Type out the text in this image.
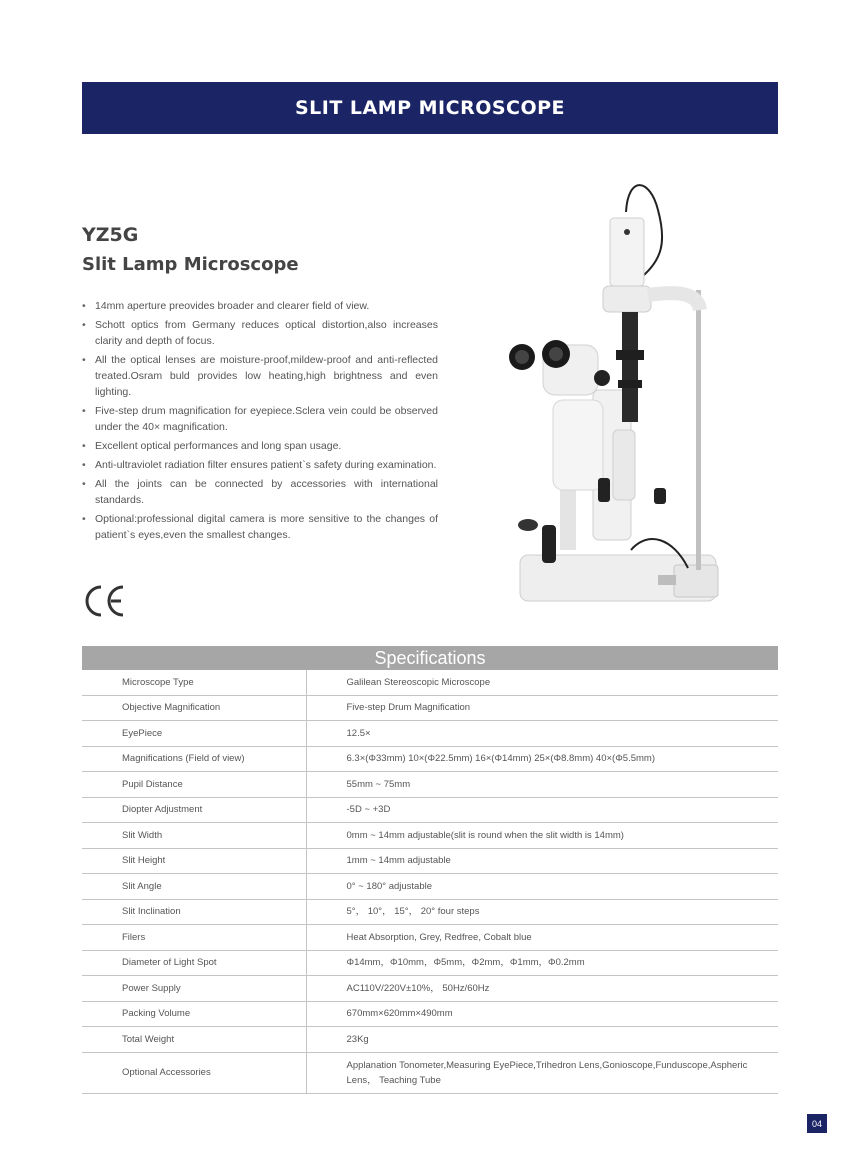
SLIT LAMP MICROSCOPE
YZ5G
Slit Lamp Microscope
• 14mm aperture preovides broader and clearer field of view.
• Schott optics from Germany reduces optical distortion,also increases clarity and depth of focus.
• All the optical lenses are moisture-proof,mildew-proof and anti-reflected treated.Osram buld provides low heating,high brightness and even lighting.
• Five-step drum magnification for eyepiece.Sclera vein could be observed under the 40× magnification.
• Excellent optical performances and long span usage.
• Anti-ultraviolet radiation filter ensures patient`s safety during examination.
• All the joints can be connected by accessories with international standards.
• Optional:professional digital camera is more sensitive to the changes of patient`s eyes,even the smallest changes.
Specifications
Microscope Type	Galilean Stereoscopic Microscope
Objective Magnification	Five-step Drum Magnification
EyePiece	12.5×
Magnifications (Field of view)	6.3×(Φ33mm) 10×(Φ22.5mm) 16×(Φ14mm) 25×(Φ8.8mm) 40×(Φ5.5mm)
Pupil Distance	55mm ~ 75mm
Diopter Adjustment	-5D ~ +3D
Slit Width	0mm ~ 14mm adjustable(slit is round when the slit width is 14mm)
Slit Height	1mm ~ 14mm adjustable
Slit Angle	0° ~ 180° adjustable
Slit Inclination	5°， 10°， 15°， 20° four steps
Filers	Heat Absorption, Grey, Redfree, Cobalt blue
Diameter of Light Spot	Φ14mm，Φ10mm，Φ5mm，Φ2mm，Φ1mm，Φ0.2mm
Power Supply	AC110V/220V±10%， 50Hz/60Hz
Packing Volume	670mm×620mm×490mm
Total Weight	23Kg
Optional Accessories	Applanation Tonometer,Measuring EyePiece,Trihedron Lens,Gonioscope,Funduscope,Aspheric Lens， Teaching Tube
04
